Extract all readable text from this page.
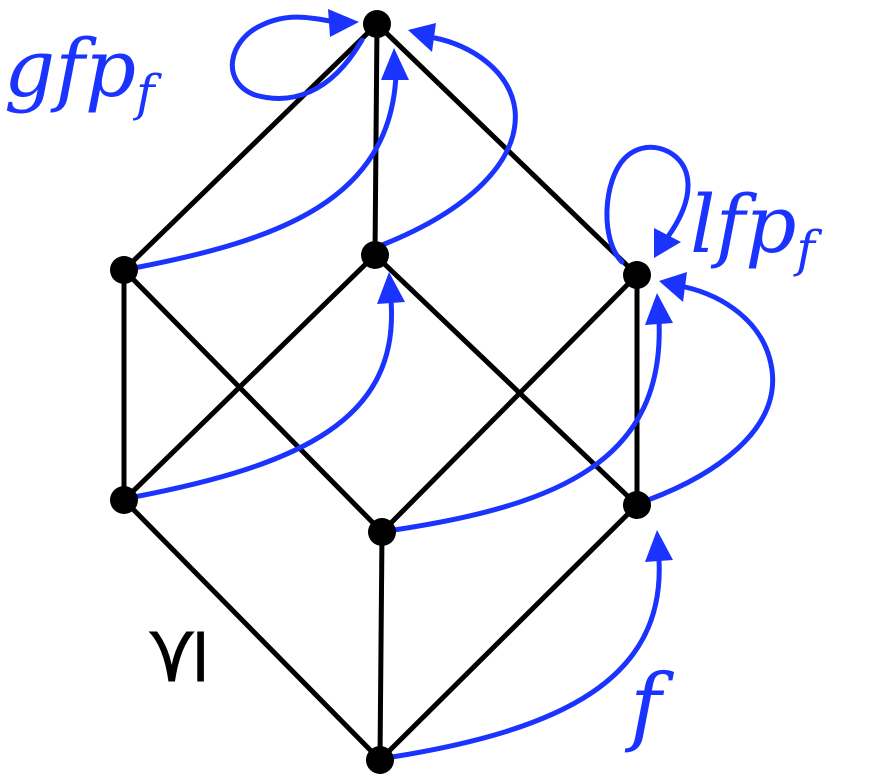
gfpf
lfpf
f
⪯
